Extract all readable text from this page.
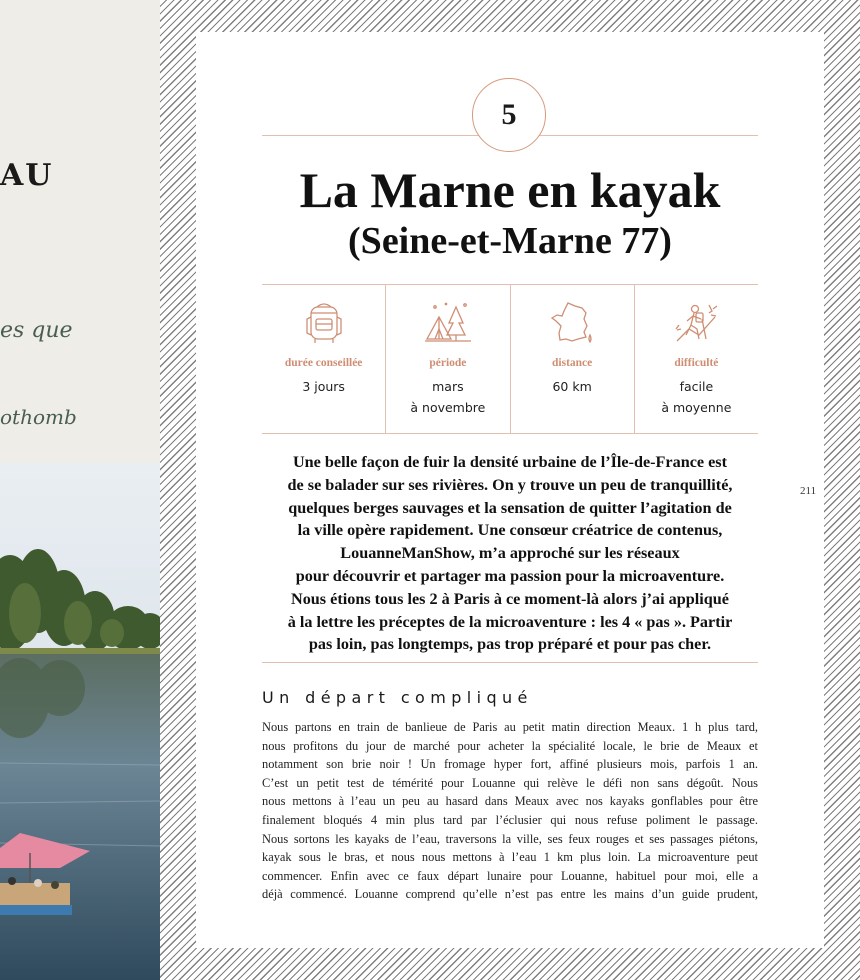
AU
es que
othomb
211
5
La Marne en kayak
(Seine-et-Marne 77)
durée conseillée
3 jours
période
mars
à novembre
distance
60 km
difficulté
facile
à moyenne
Une belle façon de fuir la densité urbaine de l’Île-de-France est
de se balader sur ses rivières. On y trouve un peu de tranquillité,
quelques berges sauvages et la sensation de quitter l’agitation de
la ville opère rapidement. Une consœur créatrice de contenus,
LouanneManShow, m’a approché sur les réseaux
pour découvrir et partager ma passion pour la microaventure.
Nous étions tous les 2 à Paris à ce moment-là alors j’ai appliqué
à la lettre les préceptes de la microaventure : les 4 « pas ». Partir
pas loin, pas longtemps, pas trop préparé et pour pas cher.
Un départ compliqué
Nous partons en train de banlieue de Paris au petit matin direction Meaux. 1 h plus tard,
nous profitons du jour de marché pour acheter la spécialité locale, le brie de Meaux et
notamment son brie noir ! Un fromage hyper fort, affiné plusieurs mois, parfois 1 an.
C’est un petit test de témérité pour Louanne qui relève le défi non sans dégoût. Nous
nous mettons à l’eau un peu au hasard dans Meaux avec nos kayaks gonflables pour être
finalement bloqués 4 min plus tard par l’éclusier qui nous refuse poliment le passage.
Nous sortons les kayaks de l’eau, traversons la ville, ses feux rouges et ses passages piétons,
kayak sous le bras, et nous nous mettons à l’eau 1 km plus loin. La microaventure peut
commencer. Enfin avec ce faux départ lunaire pour Louanne, habituel pour moi, elle a
déjà commencé. Louanne comprend qu’elle n’est pas entre les mains d’un guide prudent,
